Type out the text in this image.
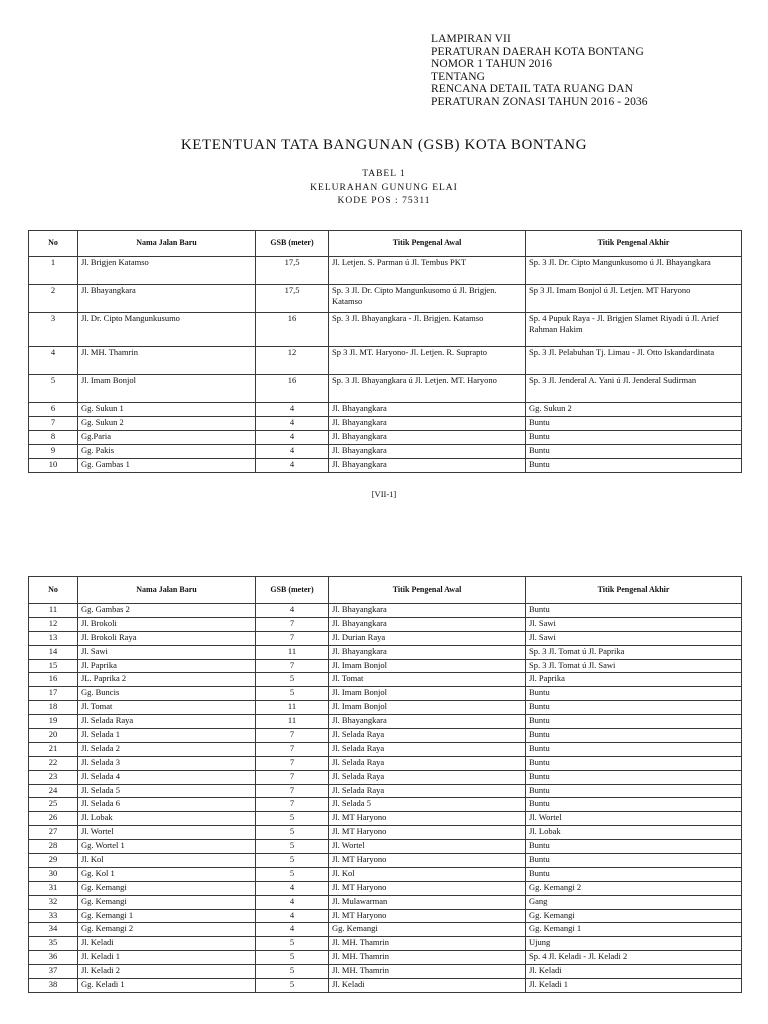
LAMPIRAN VII
PERATURAN DAERAH KOTA BONTANG
NOMOR 1 TAHUN 2016
TENTANG
RENCANA DETAIL TATA RUANG DAN
PERATURAN ZONASI TAHUN 2016 - 2036
KETENTUAN TATA BANGUNAN (GSB) KOTA BONTANG
TABEL 1
KELURAHAN GUNUNG ELAI
KODE POS : 75311
No	Nama Jalan Baru	GSB (meter)	Titik Pengenal Awal	Titik Pengenal Akhir
1	Jl. Brigjen Katamso	17,5	Jl. Letjen. S. Parman ú Jl. Tembus PKT	Sp. 3 Jl. Dr. Cipto Mangunkusomo ú Jl. Bhayangkara
2	Jl. Bhayangkara	17,5	Sp. 3 Jl. Dr. Cipto Mangunkusomo ú Jl. Brigjen. Katamso	Sp 3 Jl. Imam Bonjol ú Jl. Letjen. MT Haryono
3	Jl. Dr. Cipto Mangunkusumo	16	Sp. 3 Jl. Bhayangkara - Jl. Brigjen. Katamso	Sp. 4 Pupuk Raya - Jl. Brigjen Slamet Riyadi ú Jl. Arief Rahman Hakim
4	Jl. MH. Thamrin	12	Sp 3 Jl. MT. Haryono- Jl. Letjen. R. Suprapto	Sp. 3 Jl. Pelabuhan Tj. Limau - Jl. Otto Iskandardinata
5	Jl. Imam Bonjol	16	Sp. 3 Jl. Bhayangkara ú Jl. Letjen. MT. Haryono	Sp. 3 Jl. Jenderal A. Yani ú Jl. Jenderal Sudirman
6	Gg. Sukun 1	4	Jl. Bhayangkara	Gg. Sukun 2
7	Gg. Sukun 2	4	Jl. Bhayangkara	Buntu
8	Gg.Paria	4	Jl. Bhayangkara	Buntu
9	Gg. Pakis	4	Jl. Bhayangkara	Buntu
10	Gg. Gambas 1	4	Jl. Bhayangkara	Buntu
[VII-1]
No	Nama Jalan Baru	GSB (meter)	Titik Pengenal Awal	Titik Pengenal Akhir
11	Gg. Gambas 2	4	Jl. Bhayangkara	Buntu
12	Jl. Brokoli	7	Jl. Bhayangkara	Jl. Sawi
13	Jl. Brokoli Raya	7	Jl. Durian Raya	Jl. Sawi
14	Jl. Sawi	11	Jl. Bhayangkara	Sp. 3 Jl. Tomat ú Jl. Paprika
15	Jl. Paprika	7	Jl. Imam Bonjol	Sp. 3 Jl. Tomat ú Jl. Sawi
16	JL. Paprika 2	5	Jl. Tomat	Jl. Paprika
17	Gg. Buncis	5	Jl. Imam Bonjol	Buntu
18	Jl. Tomat	11	Jl. Imam Bonjol	Buntu
19	Jl. Selada Raya	11	Jl. Bhayangkara	Buntu
20	Jl. Selada 1	7	Jl. Selada Raya	Buntu
21	Jl. Selada 2	7	Jl. Selada Raya	Buntu
22	Jl. Selada 3	7	Jl. Selada Raya	Buntu
23	Jl. Selada 4	7	Jl. Selada Raya	Buntu
24	Jl. Selada 5	7	Jl. Selada Raya	Buntu
25	Jl. Selada 6	7	Jl. Selada 5	Buntu
26	Jl. Lobak	5	Jl. MT Haryono	Jl. Wortel
27	Jl. Wortel	5	Jl. MT Haryono	Jl. Lobak
28	Gg. Wortel 1	5	Jl. Wortel	Buntu
29	Jl. Kol	5	Jl. MT Haryono	Buntu
30	Gg. Kol 1	5	Jl. Kol	Buntu
31	Gg. Kemangi	4	Jl. MT Haryono	Gg. Kemangi 2
32	Gg. Kemangi	4	Jl. Mulawarman	Gang
33	Gg. Kemangi 1	4	Jl. MT Haryono	Gg. Kemangi
34	Gg. Kemangi 2	4	Gg. Kemangi	Gg. Kemangi 1
35	Jl. Keladi	5	Jl. MH. Thamrin	Ujung
36	Jl. Keladi 1	5	Jl. MH. Thamrin	Sp. 4 Jl. Keladi - Jl. Keladi 2
37	Jl. Keladi 2	5	Jl. MH. Thamrin	Jl. Keladi
38	Gg. Keladi 1	5	Jl. Keladi	Jl. Keladi 1
